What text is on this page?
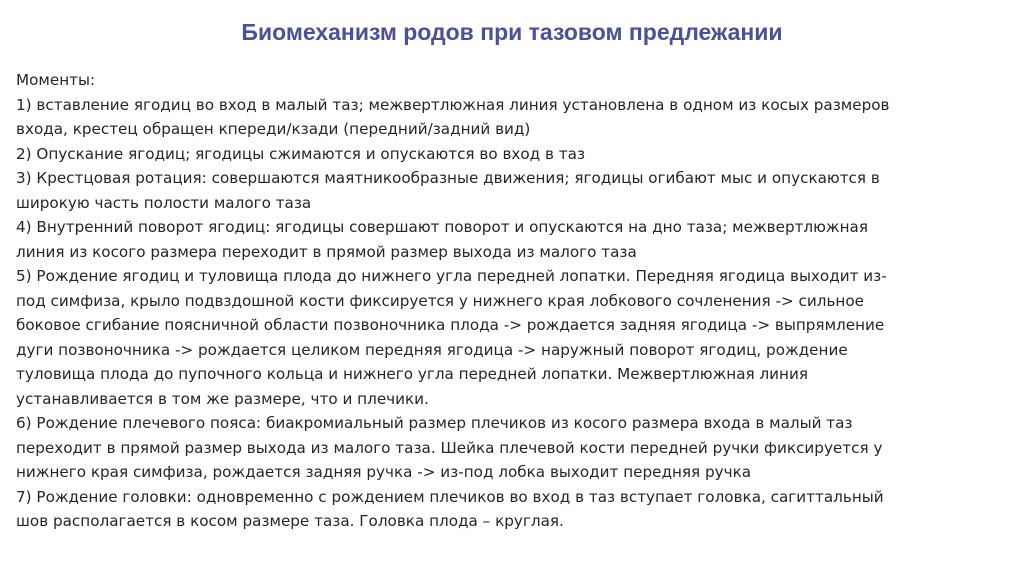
Биомеханизм родов при тазовом предлежании
Моменты:
1) вставление ягодиц во вход в малый таз; межвертлюжная линия установлена в одном из косых размеров
входа, крестец обращен кпереди/кзади (передний/задний вид)
2) Опускание ягодиц; ягодицы сжимаются и опускаются во вход в таз
3) Крестцовая ротация: совершаются маятникообразные движения; ягодицы огибают мыс и опускаются в
широкую часть полости малого таза
4) Внутренний поворот ягодиц: ягодицы совершают поворот и опускаются на дно таза; межвертлюжная
линия из косого размера переходит в прямой размер выхода из малого таза
5) Рождение ягодиц и туловища плода до нижнего угла передней лопатки. Передняя ягодица выходит из-
под симфиза, крыло подвздошной кости фиксируется у нижнего края лобкового сочленения -> сильное
боковое сгибание поясничной области позвоночника плода -> рождается задняя ягодица -> выпрямление
дуги позвоночника -> рождается целиком передняя ягодица -> наружный поворот ягодиц, рождение
туловища плода до пупочного кольца и нижнего угла передней лопатки. Межвертлюжная линия
устанавливается в том же размере, что и плечики.
6) Рождение плечевого пояса: биакромиальный размер плечиков из косого размера входа в малый таз
переходит в прямой размер выхода из малого таза. Шейка плечевой кости передней ручки фиксируется у
нижнего края симфиза, рождается задняя ручка -> из-под лобка выходит передняя ручка
7) Рождение головки: одновременно с рождением плечиков во вход в таз вступает головка, сагиттальный
шов располагается в косом размере таза. Головка плода – круглая.
